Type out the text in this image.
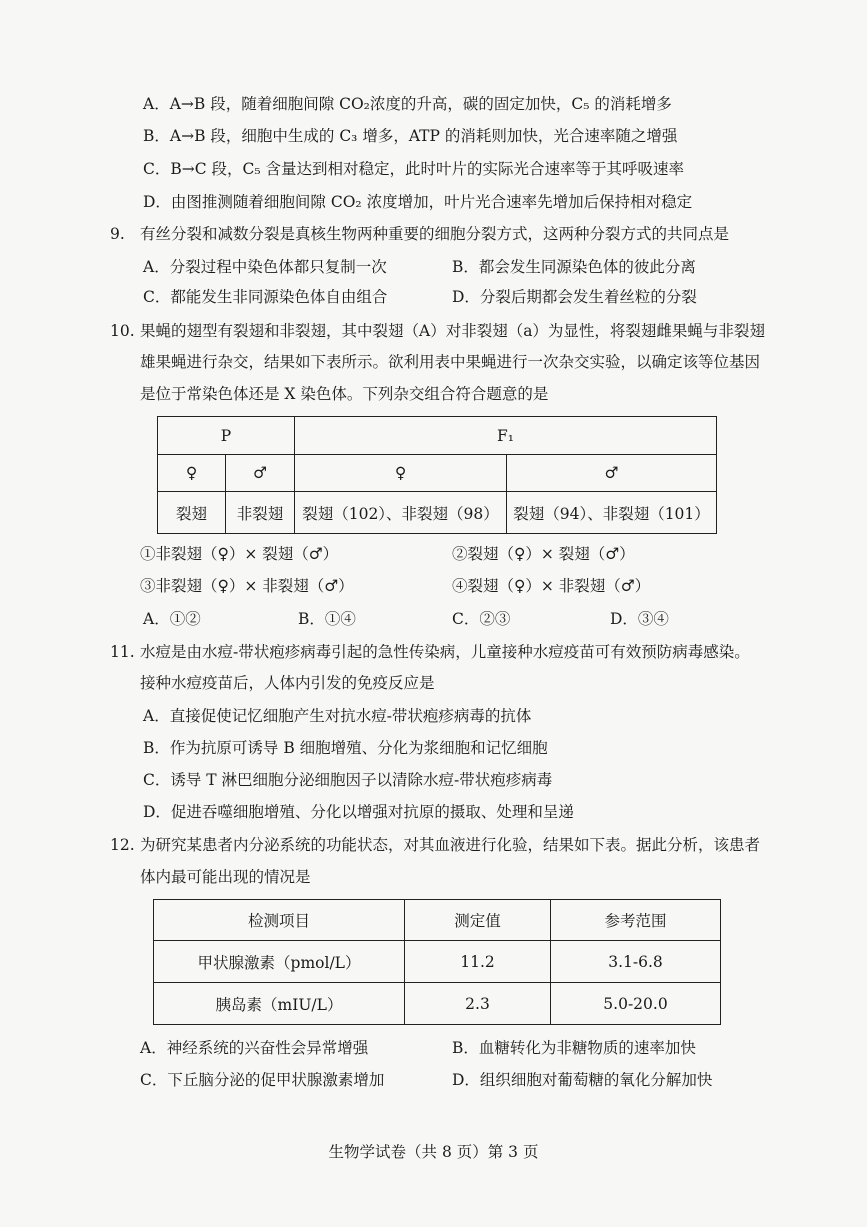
A．A→B 段，随着细胞间隙 CO₂浓度的升高，碳的固定加快，C₅ 的消耗增多
B．A→B 段，细胞中生成的 C₃ 增多，ATP 的消耗则加快，光合速率随之增强
C．B→C 段，C₅ 含量达到相对稳定，此时叶片的实际光合速率等于其呼吸速率
D．由图推测随着细胞间隙 CO₂ 浓度增加，叶片光合速率先增加后保持相对稳定
9. 有丝分裂和减数分裂是真核生物两种重要的细胞分裂方式，这两种分裂方式的共同点是
A．分裂过程中染色体都只复制一次	B．都会发生同源染色体的彼此分离
C．都能发生非同源染色体自由组合	D．分裂后期都会发生着丝粒的分裂
10. 果蝇的翅型有裂翅和非裂翅，其中裂翅（A）对非裂翅（a）为显性，将裂翅雌果蝇与非裂翅
雄果蝇进行杂交，结果如下表所示。欲利用表中果蝇进行一次杂交实验，以确定该等位基因
是位于常染色体还是 X 染色体。下列杂交组合符合题意的是
P		F₁	
♀	♂	♀	♂
裂翅	非裂翅	裂翅（102）、非裂翅（98）	裂翅（94）、非裂翅（101）
①非裂翅（♀）× 裂翅（♂）	②裂翅（♀）× 裂翅（♂）
③非裂翅（♀）× 非裂翅（♂）	④裂翅（♀）× 非裂翅（♂）
A．①②	B．①④	C．②③	D．③④
11. 水痘是由水痘-带状疱疹病毒引起的急性传染病，儿童接种水痘疫苗可有效预防病毒感染。
接种水痘疫苗后，人体内引发的免疫反应是
A．直接促使记忆细胞产生对抗水痘-带状疱疹病毒的抗体
B．作为抗原可诱导 B 细胞增殖、分化为浆细胞和记忆细胞
C．诱导 T 淋巴细胞分泌细胞因子以清除水痘-带状疱疹病毒
D．促进吞噬细胞增殖、分化以增强对抗原的摄取、处理和呈递
12. 为研究某患者内分泌系统的功能状态，对其血液进行化验，结果如下表。据此分析，该患者
体内最可能出现的情况是
检测项目	测定值	参考范围
甲状腺激素（pmol/L）	11.2	3.1-6.8
胰岛素（mIU/L）	2.3	5.0-20.0
A．神经系统的兴奋性会异常增强	B．血糖转化为非糖物质的速率加快
C．下丘脑分泌的促甲状腺激素增加	D．组织细胞对葡萄糖的氧化分解加快
生物学试卷（共 8 页）第 3 页
